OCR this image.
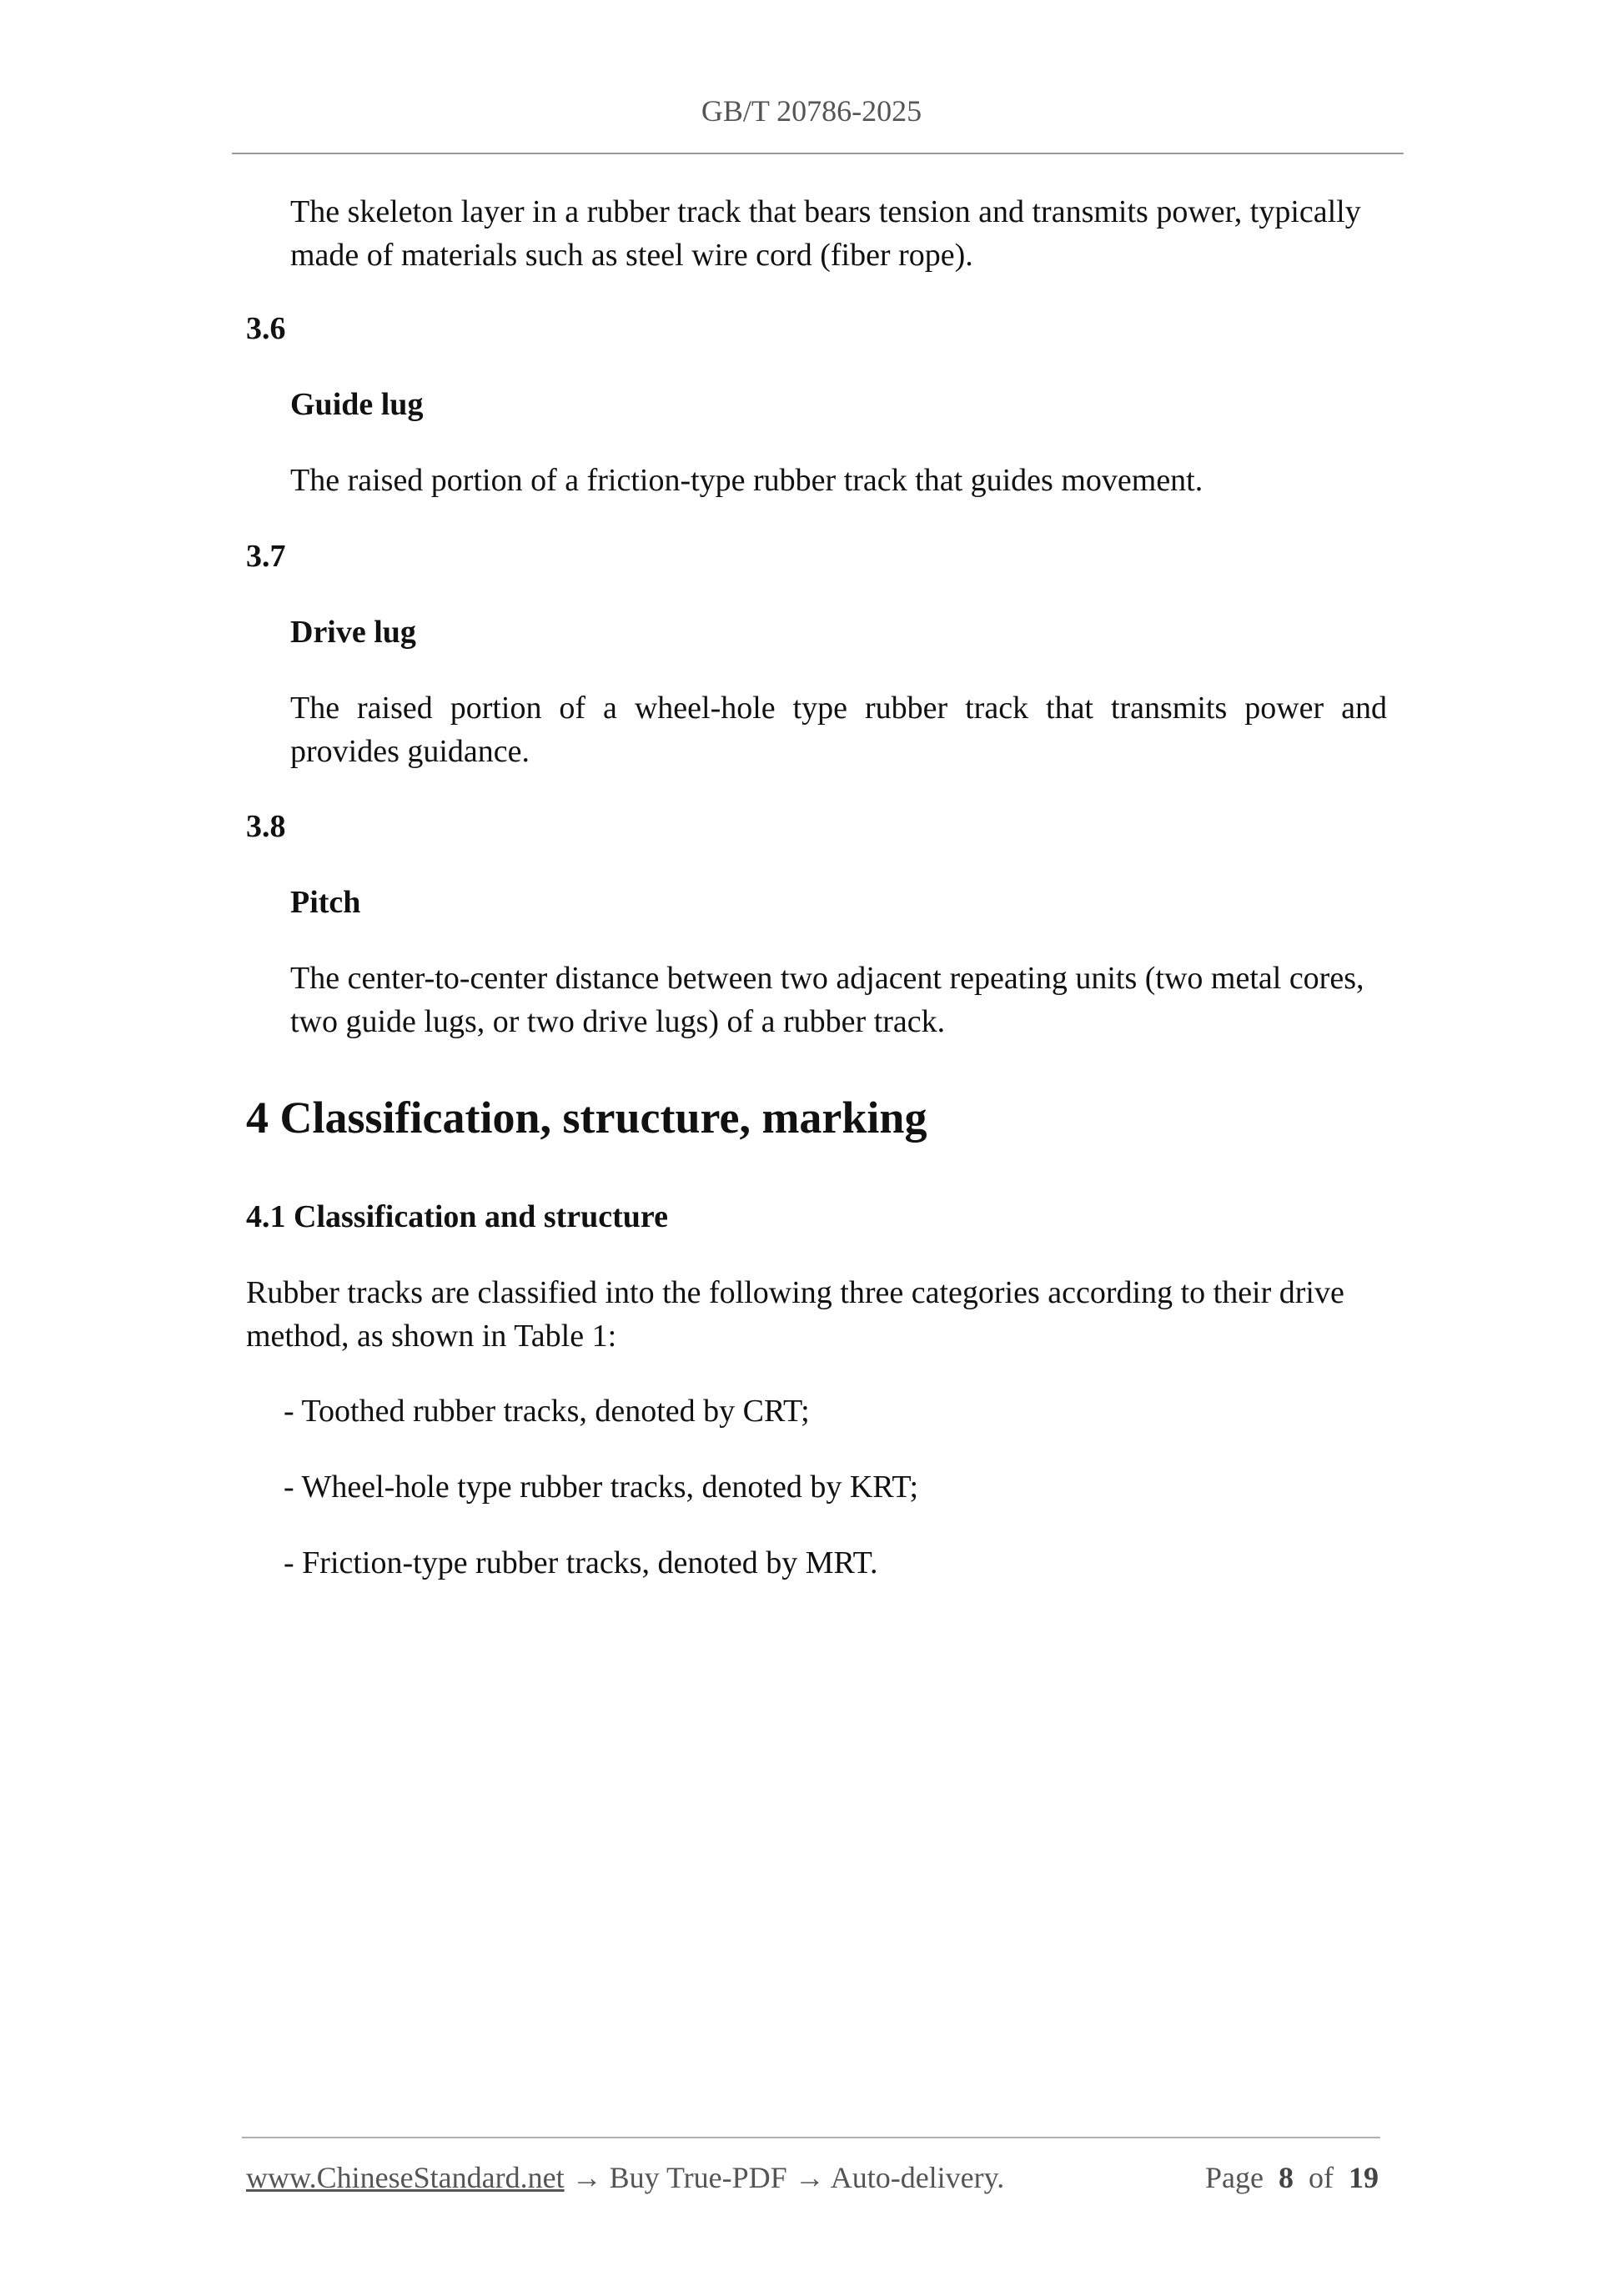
GB/T 20786-2025
The skeleton layer in a rubber track that bears tension and transmits power, typically made of materials such as steel wire cord (fiber rope).
3.6
Guide lug
The raised portion of a friction-type rubber track that guides movement.
3.7
Drive lug
The raised portion of a wheel-hole type rubber track that transmits power and provides guidance.
3.8
Pitch
The center-to-center distance between two adjacent repeating units (two metal cores, two guide lugs, or two drive lugs) of a rubber track.
4 Classification, structure, marking
4.1 Classification and structure
Rubber tracks are classified into the following three categories according to their drive method, as shown in Table 1:
- Toothed rubber tracks, denoted by CRT;
- Wheel-hole type rubber tracks, denoted by KRT;
- Friction-type rubber tracks, denoted by MRT.
www.ChineseStandard.net → Buy True-PDF → Auto-delivery.	Page 8 of 19
